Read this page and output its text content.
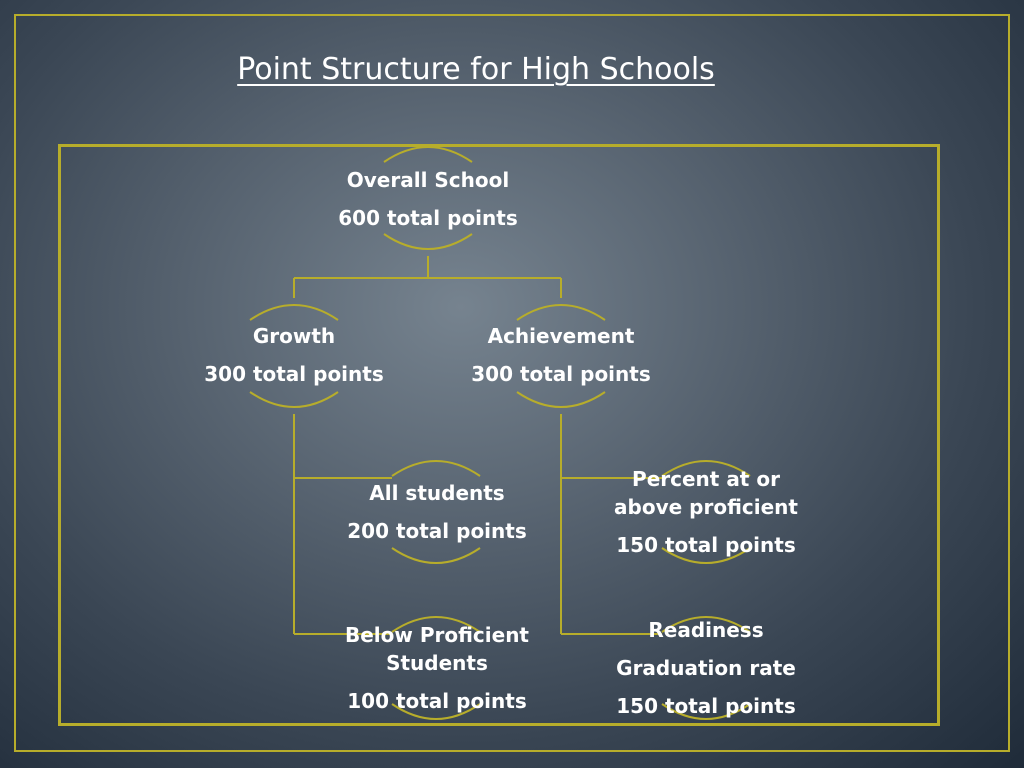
Point Structure for High Schools
Overall School
600 total points
Growth
300 total points
Achievement
300 total points
All students
200 total points
Percent at or
above proficient
150 total points
Below Proficient
Students
100 total points
Readiness
Graduation rate
150 total points
